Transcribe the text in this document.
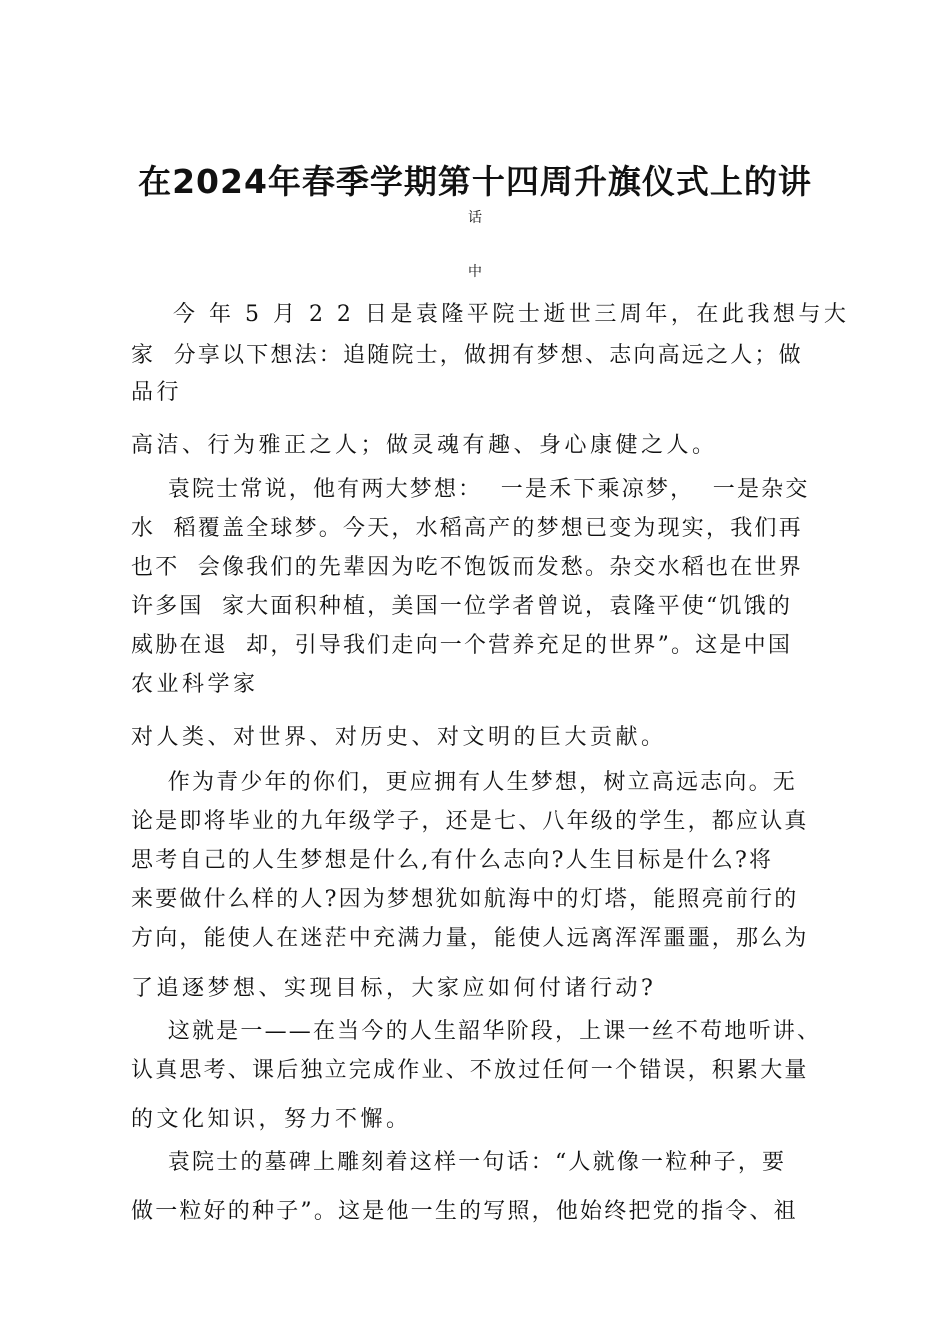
在2024年春季学期第十四周升旗仪式上的讲
话
中
今 年 5 月 2 2 日是袁隆平院士逝世三周年，在此我想与大
家  分享以下想法：追随院士，做拥有梦想、志向高远之人；做
品行
高洁、行为雅正之人；做灵魂有趣、身心康健之人。
袁院士常说，他有两大梦想：  一是禾下乘凉梦，  一是杂交
水  稻覆盖全球梦。今天，水稻高产的梦想已变为现实，我们再
也不  会像我们的先辈因为吃不饱饭而发愁。杂交水稻也在世界
许多国  家大面积种植，美国一位学者曾说，袁隆平使“饥饿的
威胁在退  却，引导我们走向一个营养充足的世界”。这是中国
农业科学家
对人类、对世界、对历史、对文明的巨大贡献。
作为青少年的你们，更应拥有人生梦想，树立高远志向。无
论是即将毕业的九年级学子，还是七、八年级的学生，都应认真
思考自己的人生梦想是什么,有什么志向?人生目标是什么?将
来要做什么样的人?因为梦想犹如航海中的灯塔，能照亮前行的
方向，能使人在迷茫中充满力量，能使人远离浑浑噩噩，那么为
了追逐梦想、实现目标，大家应如何付诸行动?
这就是一——在当今的人生韶华阶段，上课一丝不苟地听讲、
认真思考、课后独立完成作业、不放过任何一个错误，积累大量
的文化知识，努力不懈。
袁院士的墓碑上雕刻着这样一句话：“人就像一粒种子，要
做一粒好的种子”。这是他一生的写照，他始终把党的指令、祖
